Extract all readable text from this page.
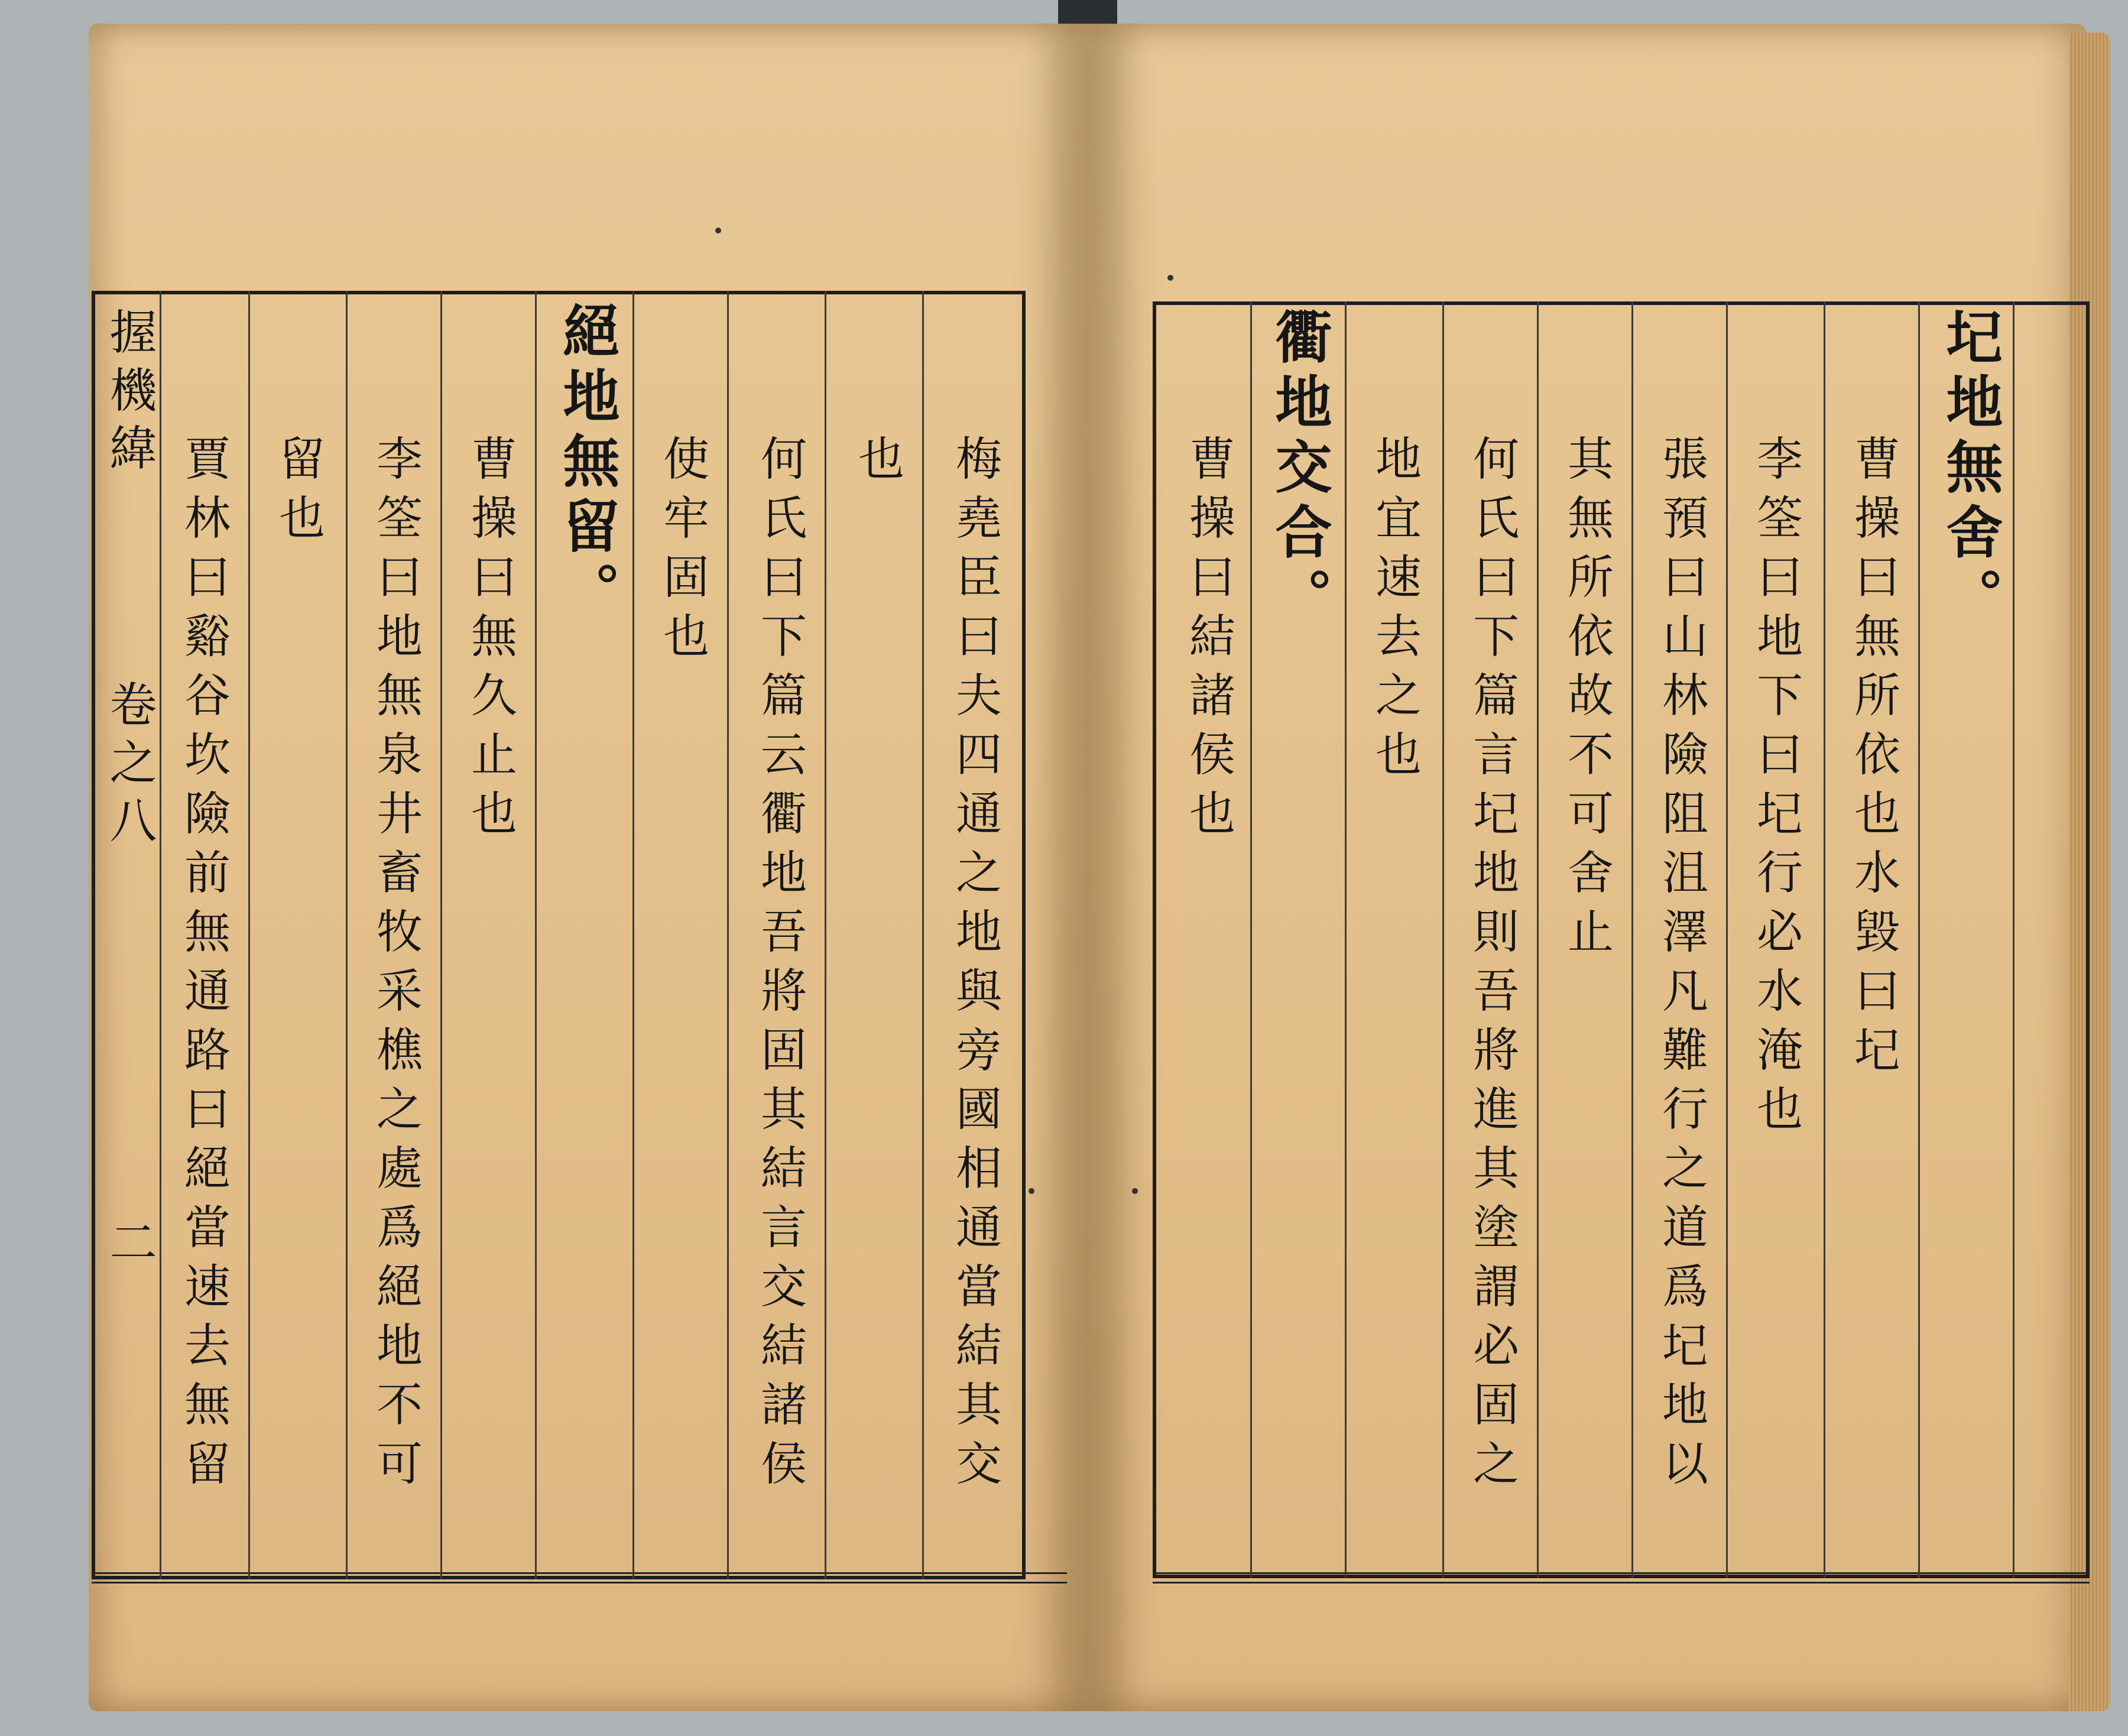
握機緯
卷之八
二	梅堯臣曰夫四通之地與旁國相通當結其交
也
何氏曰下篇云衢地吾將固其結言交結諸侯
使牢固也
絕地無留。
曹操曰無久止也
李筌曰地無泉井畜牧采樵之處爲絕地不可
留也
賈林曰谿谷坎險前無通路曰絕當速去無留	圮地無舍。
曹操曰無所依也水毀曰圮
李筌曰地下曰圮行必水淹也
張預曰山林險阻沮澤凡難行之道爲圮地以
其無所依故不可舍止
何氏曰下篇言圮地則吾將進其塗謂必固之
地宜速去之也
衢地交合。
曹操曰結諸侯也
